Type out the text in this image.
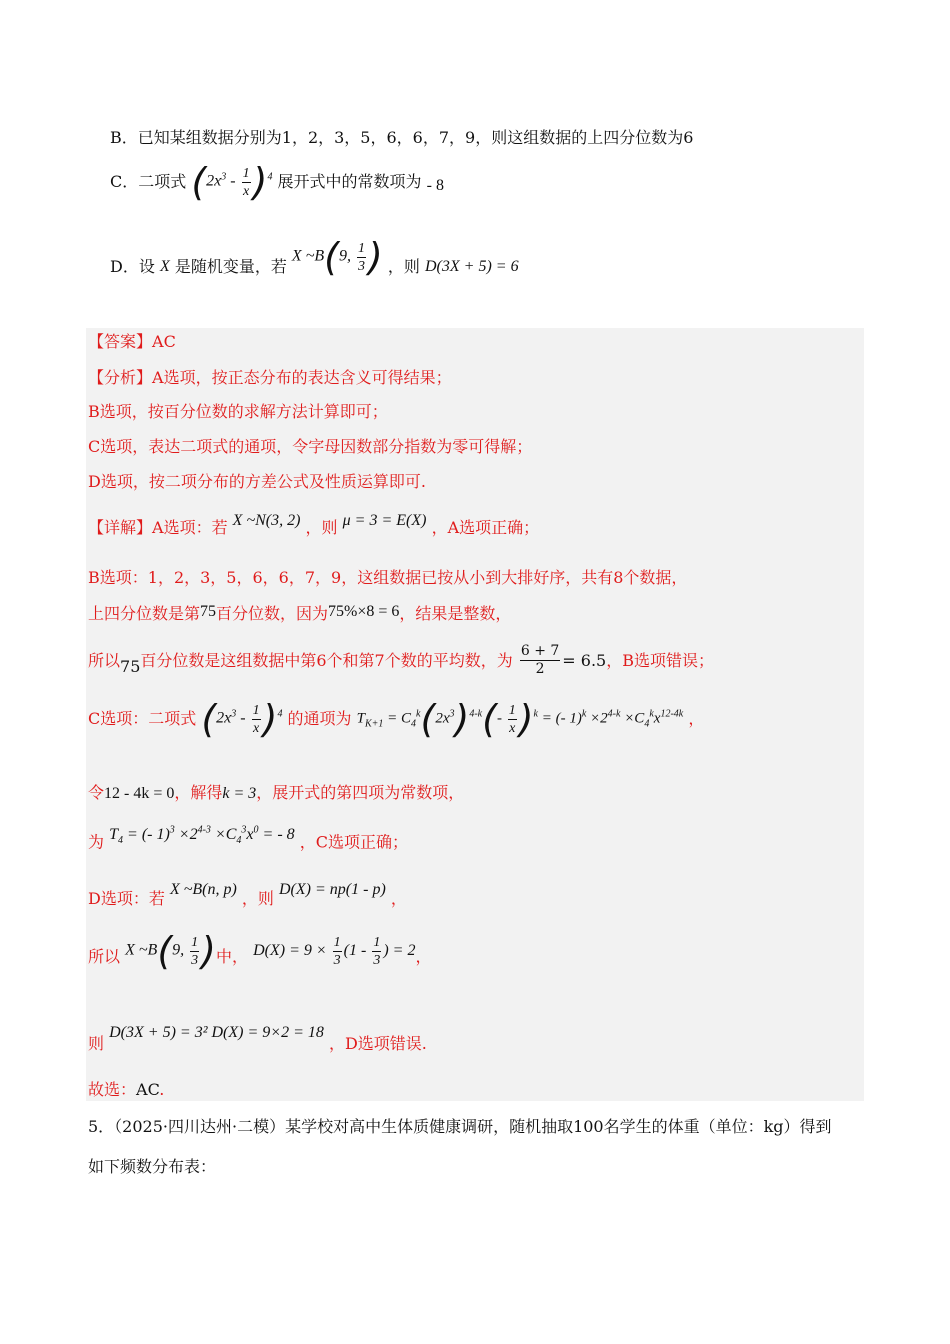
B．已知某组数据分别为1，2，3，5，6，6，7，9，则这组数据的上四分位数为6
C．二项式 $(2x^3 - \frac{1}{x} )^4$ 展开式中的常数项为 - 8
D．设 X 是随机变量，若 X ~B(9, $\frac{1}{3}$ ) ，则 D(3X + 5) = 6
【答案】AC
【分析】A选项，按正态分布的表达含义可得结果；
B选项，按百分位数的求解方法计算即可；
C选项，表达二项式的通项，令字母因数部分指数为零可得解；
D选项，按二项分布的方差公式及性质运算即可.
【详解】A选项：若 X ~N(3, 2) ，则 μ = 3 = E(X) ，A选项正确；
B选项：1，2，3，5，6，6，7，9，这组数据已按从小到大排好序，共有8个数据，
上四分位数是第75百分位数，因为75%×8 = 6，结果是整数，
所以75百分位数是这组数据中第6个和第7个数的平均数，为 $\frac{6 + 7}{2} = 6.5$，B选项错误；
C选项：二项式 $(2x^3 - \frac{1}{x} )^4$ 的通项为 $T_{K+1} = C_4^k(2x^3)^{4-k}(- \frac{1}{x} )^k$ = (- $1)^k \times 2^{4-k} \times C_4^kx^{12-4k}$ ，
令12 - 4k = 0，解得k = 3，展开式的第四项为常数项，
为 $T_4$ = (- $1)^3 \times 2^{4-3} \times C_4^3x^0$ = - 8 ，C选项正确；
D选项：若 X ~B(n, p) ，则 D(X) = np(1 - p) ，
所以 X ~B(9, $\frac{1}{3}$ )中， $D(X) = 9 \times \frac{1}{3} (1 - \frac{1}{3}$ ) = 2，
则 D(3X + 5) = 3² D(X) = 9×2 = 18 ，D选项错误.
故选：AC.
5．（2025·四川达州·二模）某学校对高中生体质健康调研，随机抽取100名学生的体重（单位：kg）得到
如下频数分布表：
